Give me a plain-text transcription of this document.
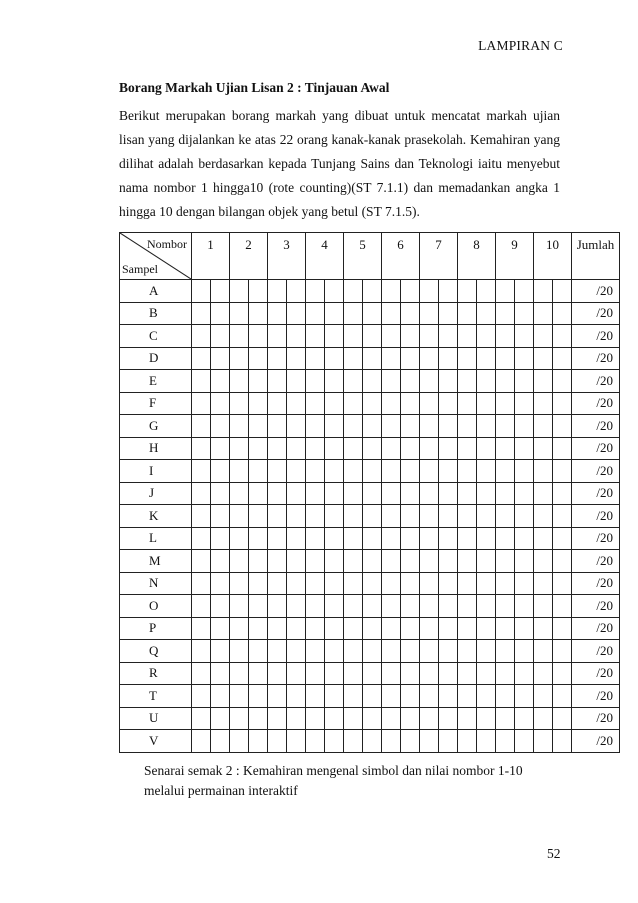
LAMPIRAN C
Borang Markah Ujian Lisan 2 : Tinjauan Awal

Berikut merupakan borang markah yang dibuat untuk mencatat markah ujian lisan yang dijalankan ke atas 22 orang kanak-kanak prasekolah. Kemahiran yang dilihat adalah berdasarkan kepada Tunjang Sains dan Teknologi iaitu menyebut nama nombor 1 hingga10 (rote counting)(ST 7.1.1) dan memadankan angka 1 hingga 10 dengan bilangan objek yang betul (ST 7.1.5).

Nombor
Sampel	1		2		3		4		5		6		7		8		9		10		Jumlah
A																					/20
B																					/20
C																					/20
D																					/20
E																					/20
F																					/20
G																					/20
H																					/20
I																					/20
J																					/20
K																					/20
L																					/20
M																					/20
N																					/20
O																					/20
P																					/20
Q																					/20
R																					/20
T																					/20
U																					/20
V																					/20
Senarai semak 2 : Kemahiran mengenal simbol dan nilai nombor 1-10 melalui permainan interaktif
52
